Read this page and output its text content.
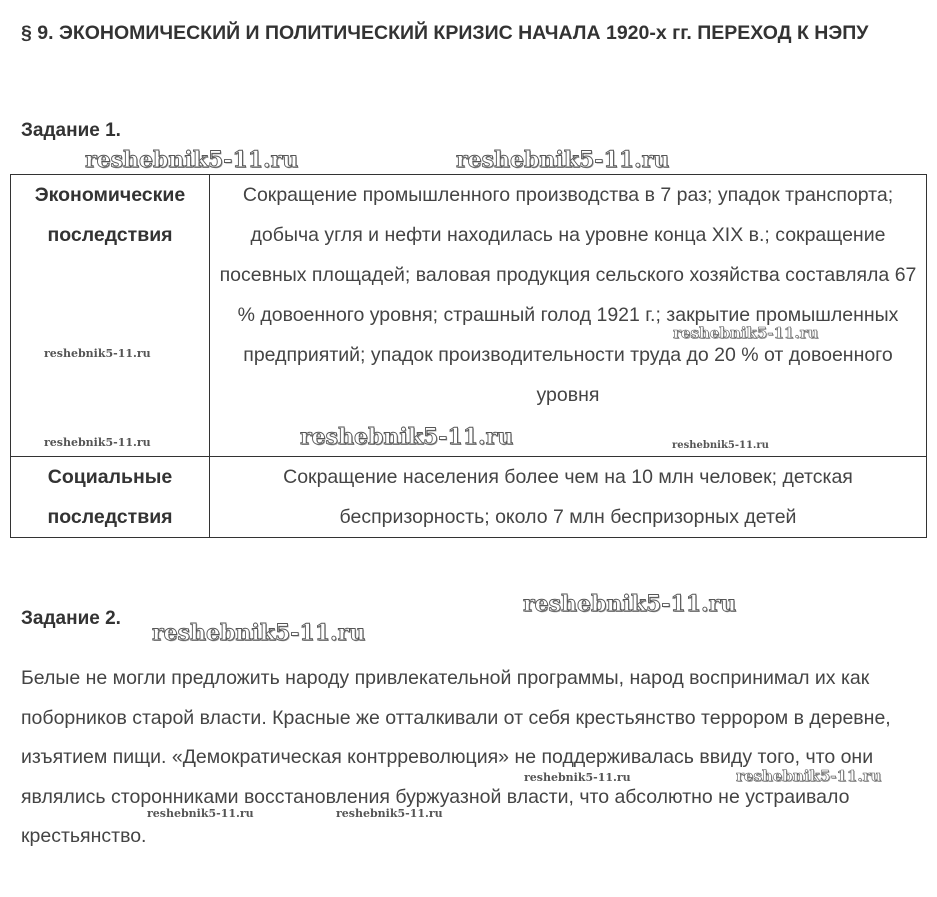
§ 9. ЭКОНОМИЧЕСКИЙ И ПОЛИТИЧЕСКИЙ КРИЗИС НАЧАЛА 1920-х гг. ПЕРЕХОД К НЭПУ
Задание 1.
Экономические последствия	Сокращение промышленного производства в 7 раз; упадок транспорта; добыча угля и нефти находилась на уровне конца XIX в.; сокращение посевных площадей; валовая продукция сельского хозяйства составляла 67 % довоенного уровня; страшный голод 1921 г.; закрытие промышленных предприятий; упадок производительности труда до 20 % от довоенного уровня
Социальные последствия	Сокращение населения более чем на 10 млн человек; детская беспризорность; около 7 млн беспризорных детей
Задание 2.

Белые не могли предложить народу привлекательной программы, народ воспринимал их как поборников старой власти. Красные же отталкивали от себя крестьянство террором в деревне, изъятием пищи. «Демократическая контрреволюция» не поддерживалась ввиду того, что они являлись сторонниками восстановления буржуазной власти, что абсолютно не устраивало крестьянство.

reshebnik5-11.ru	reshebnik5-11.ru
reshebnik5-11.ru
reshebnik5-11.ru
reshebnik5-11.ru	reshebnik5-11.ru	reshebnik5-11.ru
reshebnik5-11.ru
reshebnik5-11.ru
reshebnik5-11.ru	reshebnik5-11.ru
reshebnik5-11.ru	reshebnik5-11.ru
